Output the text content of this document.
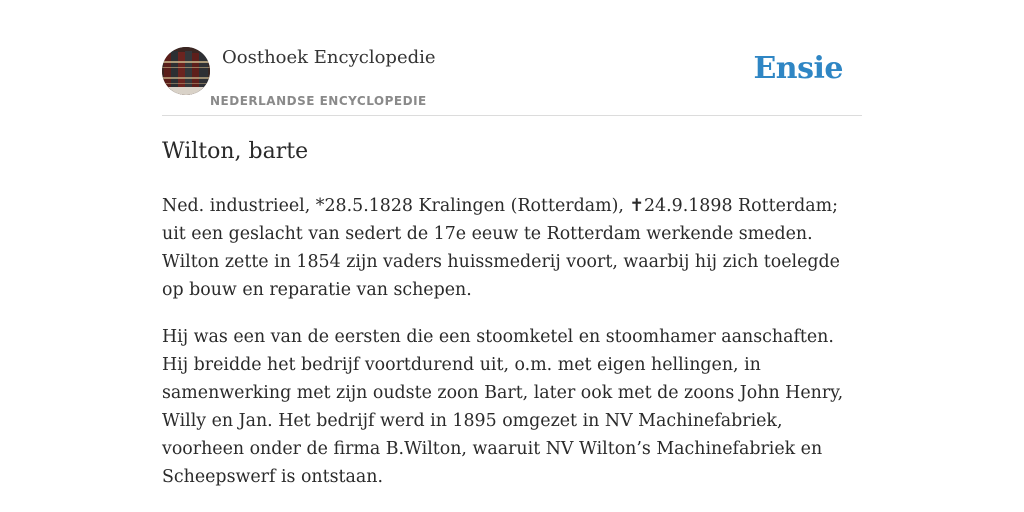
Oosthoek Encyclopedie
NEDERLANDSE ENCYCLOPEDIE
Ensie
Wilton, barte

Ned. industrieel, *28.5.1828 Kralingen (Rotterdam), ✝24.9.1898 Rotterdam; uit een geslacht van sedert de 17e eeuw te Rotterdam werkende smeden. Wilton zette in 1854 zijn vaders huissmederij voort, waarbij hij zich toelegde op bouw en reparatie van schepen.

Hij was een van de eersten die een stoomketel en stoomhamer aanschaften. Hij breidde het bedrijf voortdurend uit, o.m. met eigen hellingen, in samenwerking met zijn oudste zoon Bart, later ook met de zoons John Henry, Willy en Jan. Het bedrijf werd in 1895 omgezet in NV Machinefabriek, voorheen onder de firma B.Wilton, waaruit NV Wilton’s Machinefabriek en Scheepswerf is ontstaan.
